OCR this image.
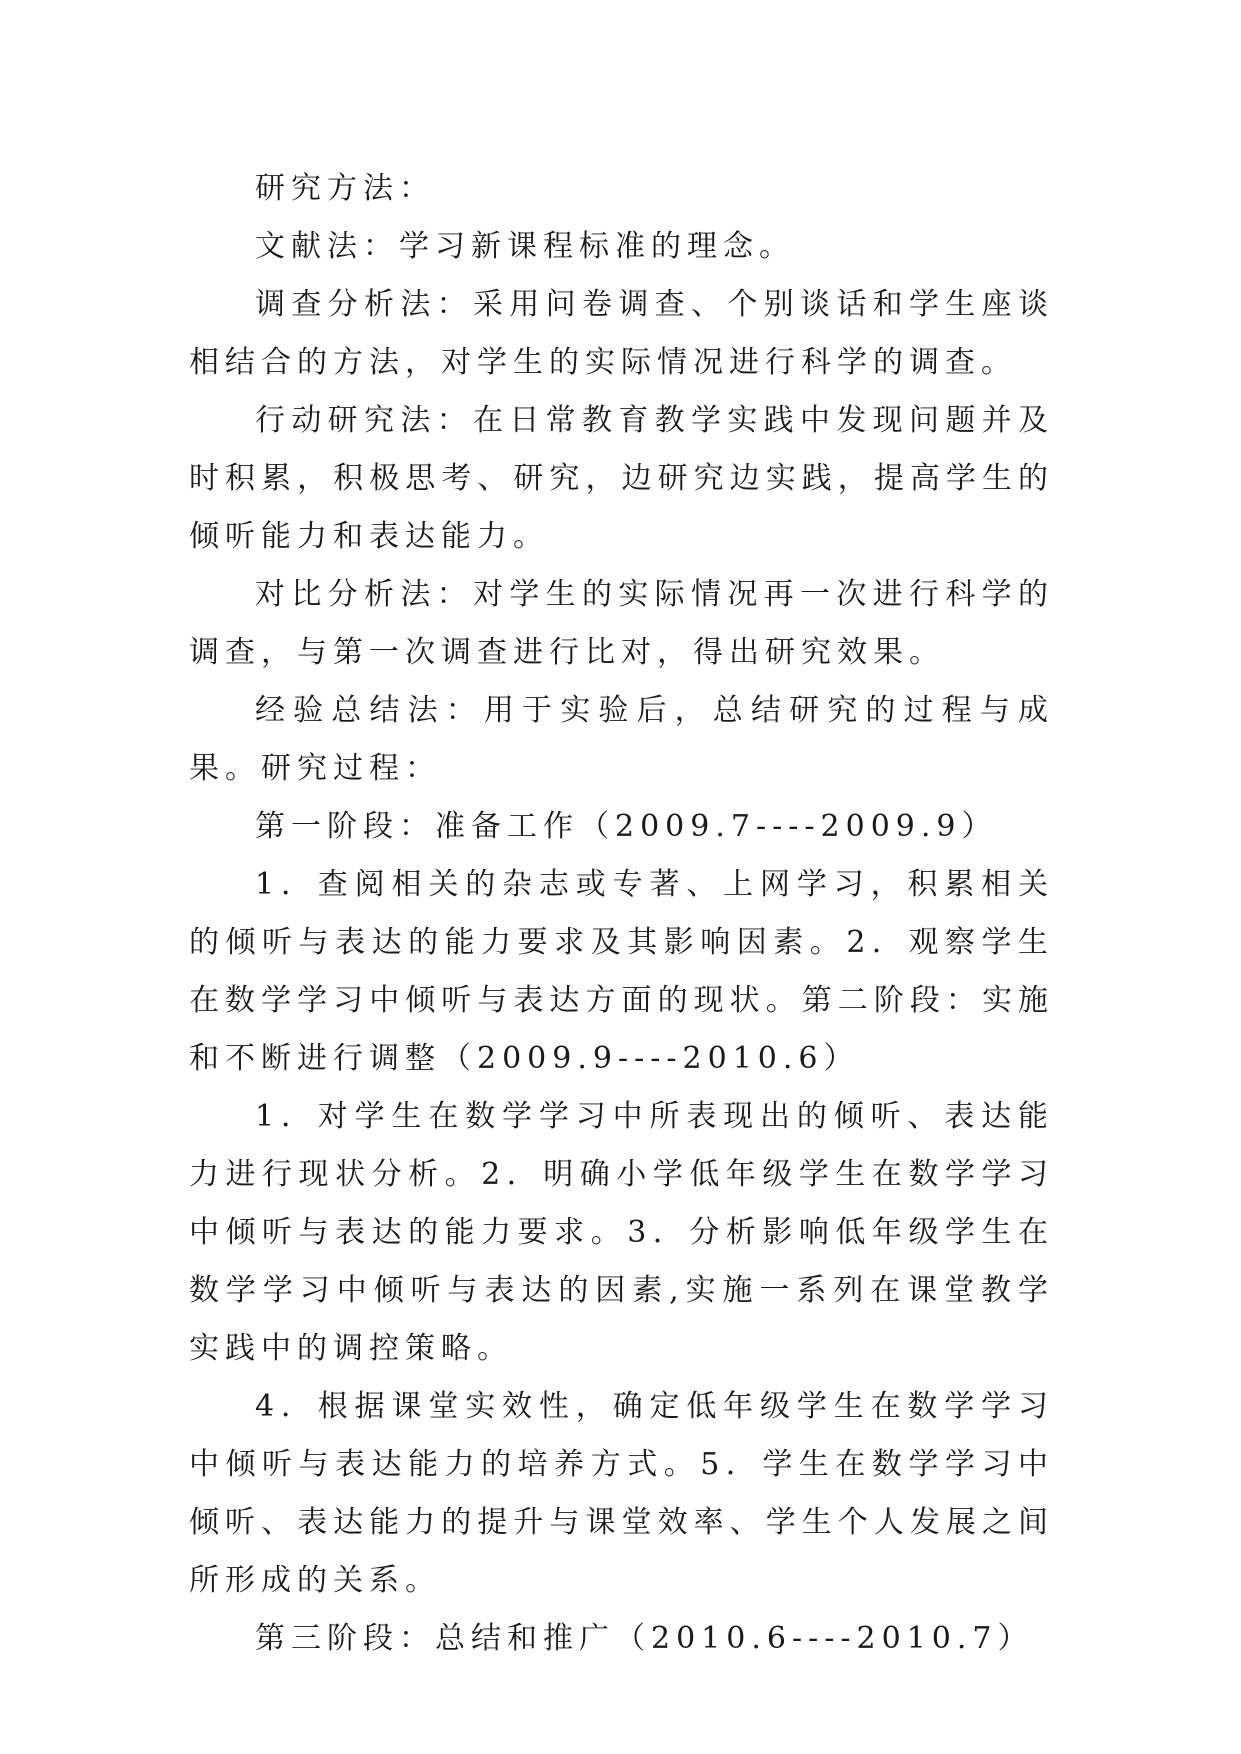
研究方法：

文献法：学习新课程标准的理念。

调查分析法：采用问卷调查、个别谈话和学生座谈相结合的方法，对学生的实际情况进行科学的调查。

行动研究法：在日常教育教学实践中发现问题并及时积累，积极思考、研究，边研究边实践，提高学生的倾听能力和表达能力。

对比分析法：对学生的实际情况再一次进行科学的调查，与第一次调查进行比对，得出研究效果。

经验总结法：用于实验后，总结研究的过程与成果。研究过程：

第一阶段：准备工作（2009.7----2009.9）

1．查阅相关的杂志或专著、上网学习，积累相关的倾听与表达的能力要求及其影响因素。2．观察学生在数学学习中倾听与表达方面的现状。第二阶段：实施和不断进行调整（2009.9----2010.6）

1．对学生在数学学习中所表现出的倾听、表达能力进行现状分析。2．明确小学低年级学生在数学学习中倾听与表达的能力要求。3．分析影响低年级学生在数学学习中倾听与表达的因素,实施一系列在课堂教学实践中的调控策略。

4．根据课堂实效性，确定低年级学生在数学学习中倾听与表达能力的培养方式。5．学生在数学学习中倾听、表达能力的提升与课堂效率、学生个人发展之间所形成的关系。

第三阶段：总结和推广（2010.6----2010.7）
